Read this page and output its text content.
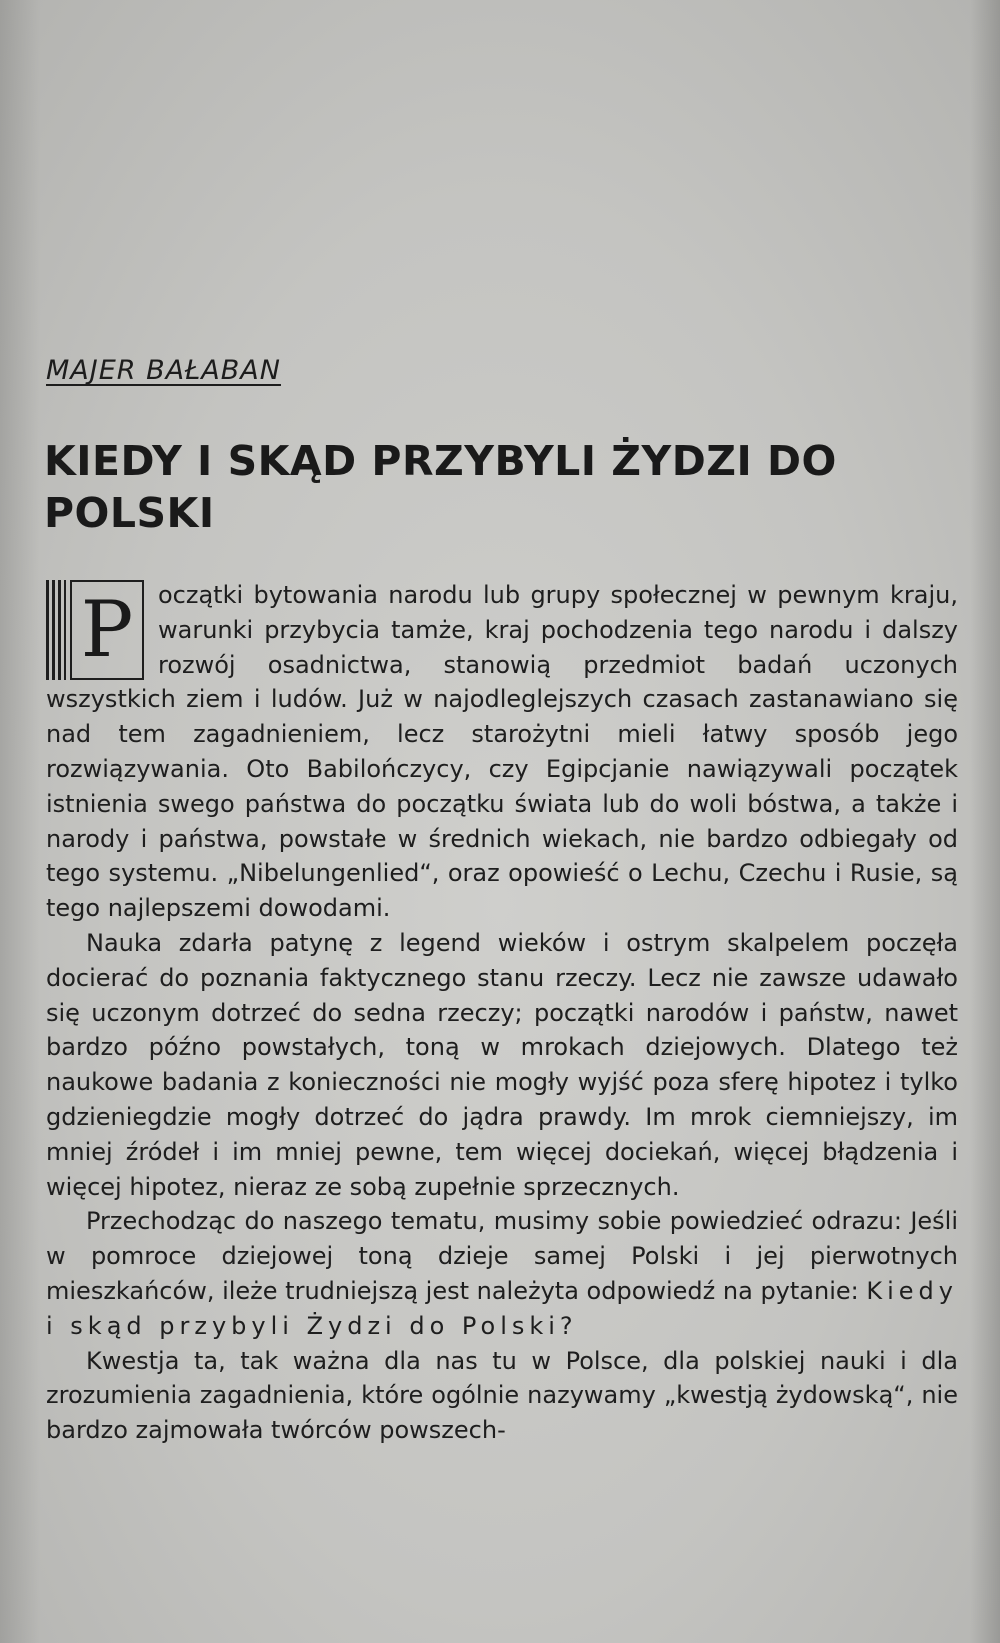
MAJER BAŁABAN
KIEDY I SKĄD PRZYBYLI ŻYDZI DO POLSKI

P oczątki bytowania narodu lub grupy społecznej w pewnym kraju, warunki przybycia tamże, kraj pochodzenia tego narodu i dalszy rozwój osadnictwa, stanowią przedmiot badań uczonych wszystkich ziem i ludów. Już w najodleglejszych czasach zastanawiano się nad tem zagadnieniem, lecz starożytni mieli łatwy sposób jego rozwiązywania. Oto Babilończycy, czy Egipcjanie nawiązywali początek istnienia swego państwa do początku świata lub do woli bóstwa, a także i narody i państwa, powstałe w średnich wiekach, nie bardzo odbiegały od tego systemu. „Nibelungenlied“, oraz opowieść o Lechu, Czechu i Rusie, są tego najlepszemi dowodami.

Nauka zdarła patynę z legend wieków i ostrym skalpelem poczęła docierać do poznania faktycznego stanu rzeczy. Lecz nie zawsze udawało się uczonym dotrzeć do sedna rzeczy; początki narodów i państw, nawet bardzo późno powstałych, toną w mrokach dziejowych. Dlatego też naukowe badania z konieczności nie mogły wyjść poza sferę hipotez i tylko gdzieniegdzie mogły dotrzeć do jądra prawdy. Im mrok ciemniejszy, im mniej źródeł i im mniej pewne, tem więcej dociekań, więcej błądzenia i więcej hipotez, nieraz ze sobą zupełnie sprzecznych.

Przechodząc do naszego tematu, musimy sobie powiedzieć odrazu: Jeśli w pomroce dziejowej toną dzieje samej Polski i jej pierwotnych mieszkańców, ileże trudniejszą jest należyta odpowiedź na pytanie: Kiedy i skąd przybyli Żydzi do Polski?

Kwestja ta, tak ważna dla nas tu w Polsce, dla polskiej nauki i dla zrozumienia zagadnienia, które ogólnie nazywamy „kwestją żydowską“, nie bardzo zajmowała twórców powszech-
